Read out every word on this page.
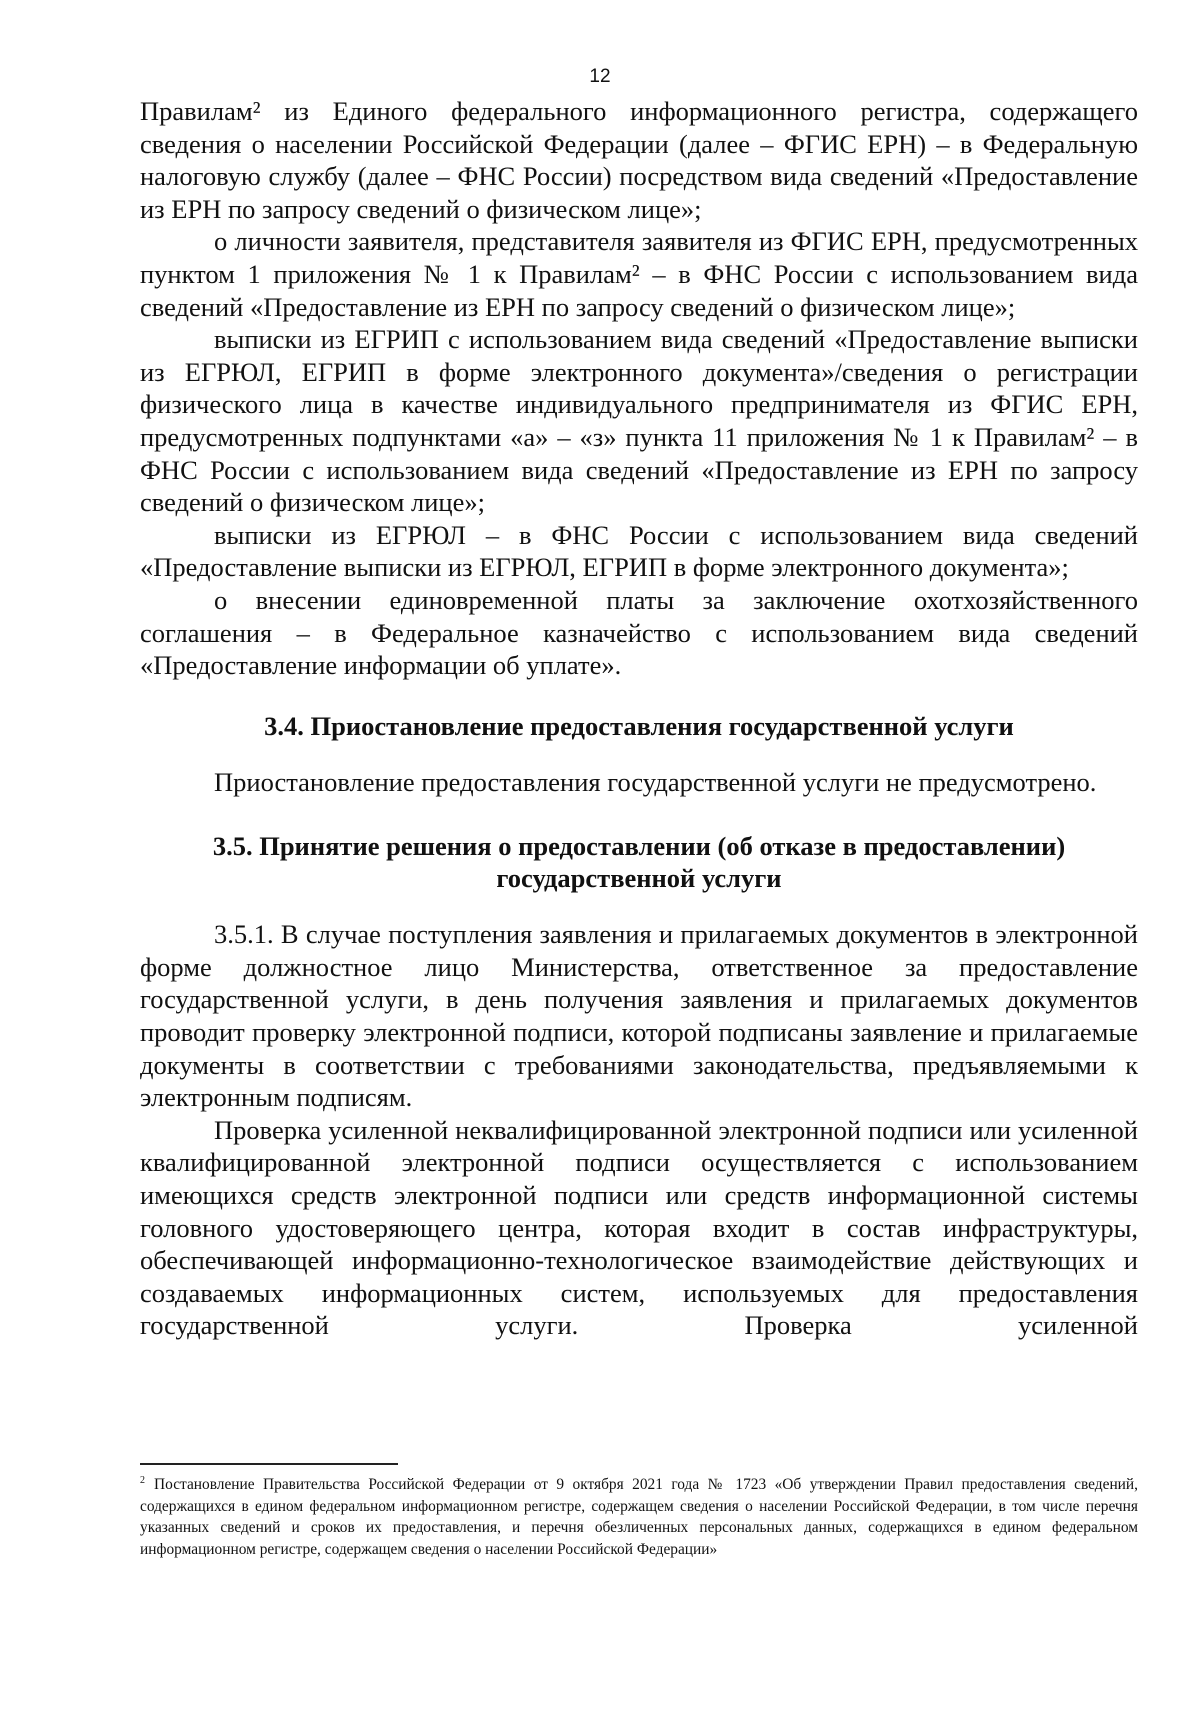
12

Правилам² из Единого федерального информационного регистра, содержащего сведения о населении Российской Федерации (далее – ФГИС ЕРН) – в Федеральную налоговую службу (далее – ФНС России) посредством вида сведений «Предоставление из ЕРН по запросу сведений о физическом лице»;

о личности заявителя, представителя заявителя из ФГИС ЕРН, предусмотренных пунктом 1 приложения № 1 к Правилам² – в ФНС России с использованием вида сведений «Предоставление из ЕРН по запросу сведений о физическом лице»;

выписки из ЕГРИП с использованием вида сведений «Предоставление выписки из ЕГРЮЛ, ЕГРИП в форме электронного документа»/сведения о регистрации физического лица в качестве индивидуального предпринимателя из ФГИС ЕРН, предусмотренных подпунктами «а» – «з» пункта 11 приложения № 1 к Правилам² – в ФНС России с использованием вида сведений «Предоставление из ЕРН по запросу сведений о физическом лице»;

выписки из ЕГРЮЛ – в ФНС России с использованием вида сведений «Предоставление выписки из ЕГРЮЛ, ЕГРИП в форме электронного документа»;

о внесении единовременной платы за заключение охотхозяйственного соглашения – в Федеральное казначейство с использованием вида сведений «Предоставление информации об уплате».

3.4. Приостановление предоставления государственной услуги

Приостановление предоставления государственной услуги не предусмотрено.

3.5. Принятие решения о предоставлении (об отказе в предоставлении)
государственной услуги

3.5.1. В случае поступления заявления и прилагаемых документов в электронной форме должностное лицо Министерства, ответственное за предоставление государственной услуги, в день получения заявления и прилагаемых документов проводит проверку электронной подписи, которой подписаны заявление и прилагаемые документы в соответствии с требованиями законодательства, предъявляемыми к электронным подписям.

Проверка усиленной неквалифицированной электронной подписи или усиленной квалифицированной электронной подписи осуществляется с использованием имеющихся средств электронной подписи или средств информационной системы головного удостоверяющего центра, которая входит в состав инфраструктуры, обеспечивающей информационно-технологическое взаимодействие действующих и создаваемых информационных систем, используемых для предоставления государственной услуги. Проверка усиленной

$^2$ Постановление Правительства Российской Федерации от 9 октября 2021 года № 1723 «Об утверждении Правил предоставления сведений, содержащихся в едином федеральном информационном регистре, содержащем сведения о населении Российской Федерации, в том числе перечня указанных сведений и сроков их предоставления, и перечня обезличенных персональных данных, содержащихся в едином федеральном информационном регистре, содержащем сведения о населении Российской Федерации»
